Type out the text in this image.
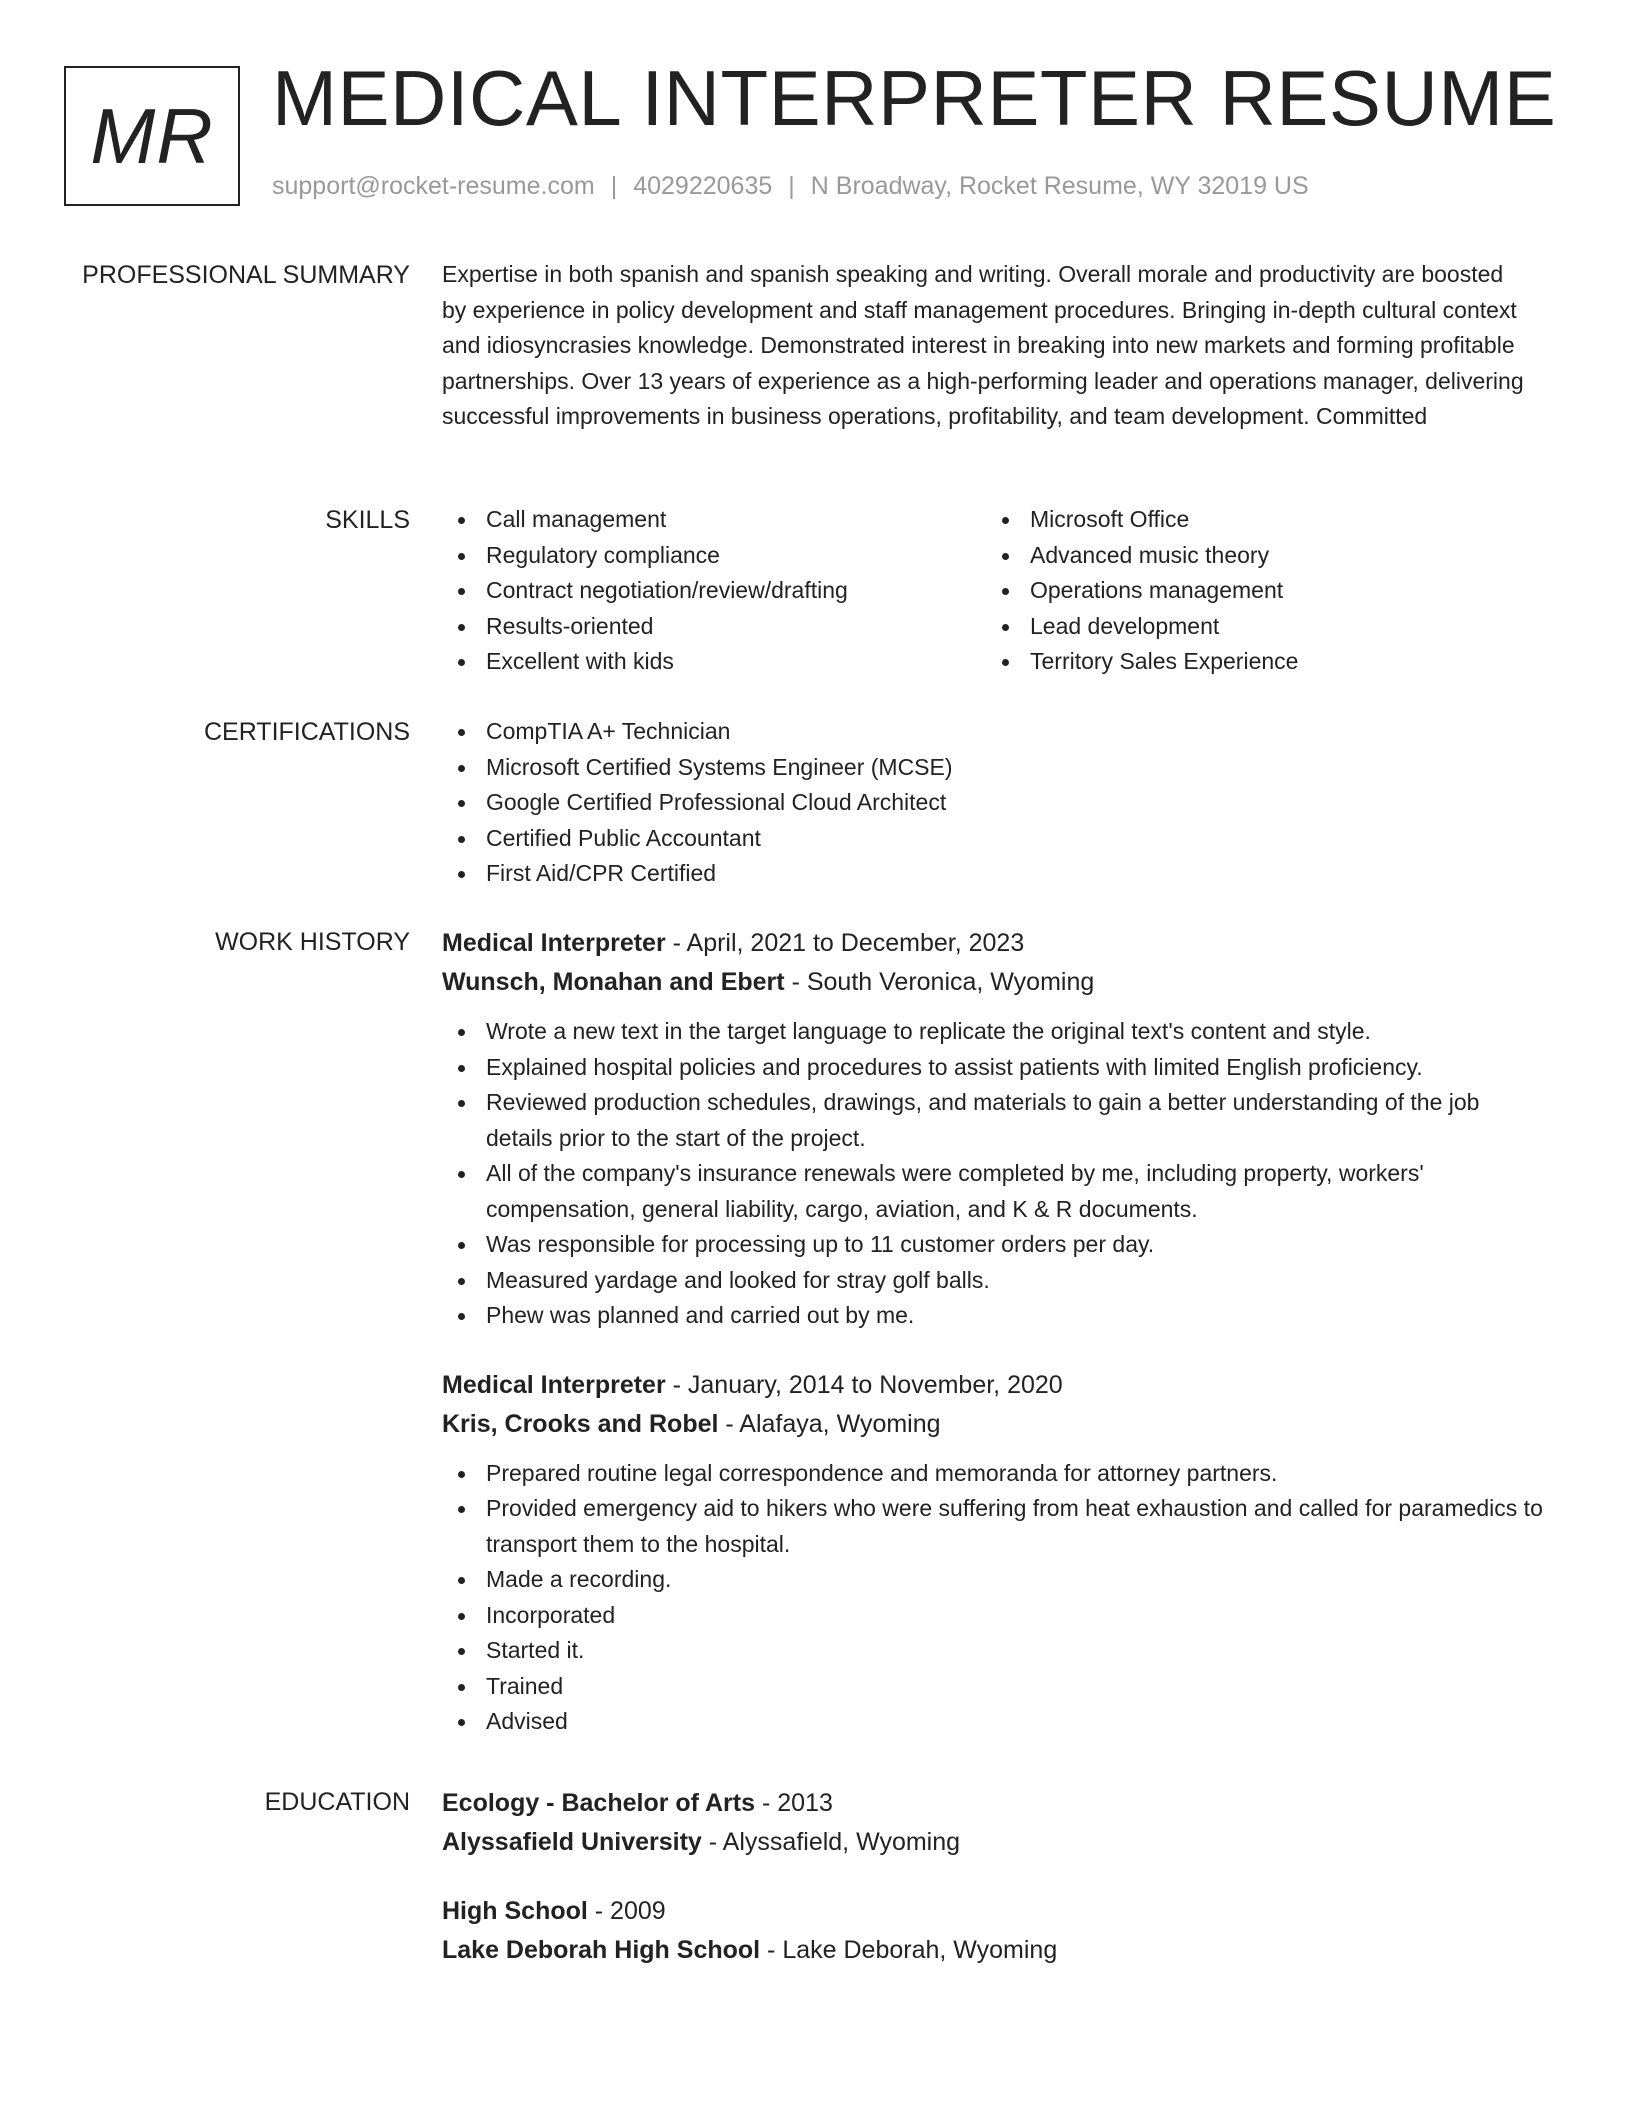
MR MEDICAL INTERPRETER RESUME
support@rocket-resume.com | 4029220635 | N Broadway, Rocket Resume, WY 32019 US
PROFESSIONAL SUMMARY Expertise in both spanish and spanish speaking and writing. Overall morale and productivity are boosted by experience in policy development and staff management procedures. Bringing in-depth cultural context and idiosyncrasies knowledge. Demonstrated interest in breaking into new markets and forming profitable partnerships. Over 13 years of experience as a high-performing leader and operations manager, delivering successful improvements in business operations, profitability, and team development. Committed

SKILLS	Call management
Regulatory compliance
Contract negotiation/review/drafting
Results-oriented
Excellent with kids
Microsoft Office
Advanced music theory
Operations management
Lead development
Territory Sales Experience
CERTIFICATIONS	CompTIA A+ Technician
Microsoft Certified Systems Engineer (MCSE)
Google Certified Professional Cloud Architect
Certified Public Accountant
First Aid/CPR Certified
WORK HISTORY Medical Interpreter - April, 2021 to December, 2023
Wunsch, Monahan and Ebert - South Veronica, Wyoming
Wrote a new text in the target language to replicate the original text's content and style.
Explained hospital policies and procedures to assist patients with limited English proficiency.
Reviewed production schedules, drawings, and materials to gain a better understanding of the job details prior to the start of the project.
All of the company's insurance renewals were completed by me, including property, workers' compensation, general liability, cargo, aviation, and K & R documents.
Was responsible for processing up to 11 customer orders per day.
Measured yardage and looked for stray golf balls.
Phew was planned and carried out by me.
Medical Interpreter - January, 2014 to November, 2020
Kris, Crooks and Robel - Alafaya, Wyoming
Prepared routine legal correspondence and memoranda for attorney partners.
Provided emergency aid to hikers who were suffering from heat exhaustion and called for paramedics to transport them to the hospital.
Made a recording.
Incorporated
Started it.
Trained
Advised
EDUCATION Ecology - Bachelor of Arts - 2013
Alyssafield University - Alyssafield, Wyoming
High School - 2009
Lake Deborah High School - Lake Deborah, Wyoming
